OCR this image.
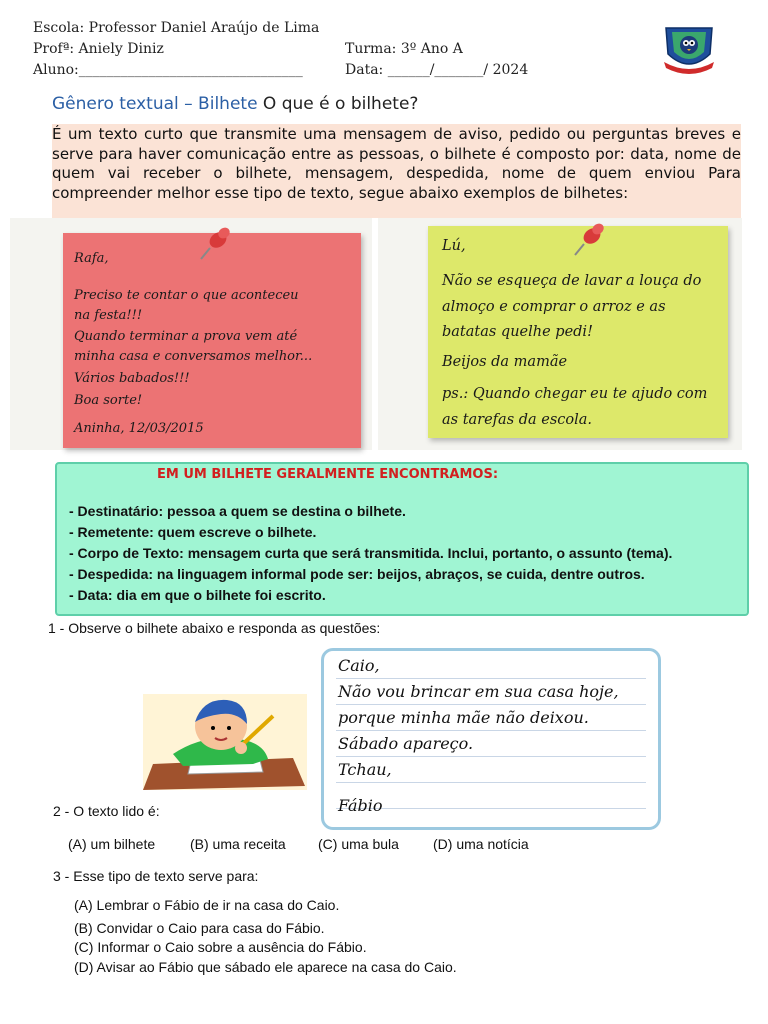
Escola: Professor Daniel Araújo de Lima
Profª: Aniely Diniz
Aluno:________________________________
Turma: 3º Ano A
Data: ______/_______/ 2024
Gênero textual – Bilhete O que é o bilhete?
É um texto curto que transmite uma mensagem de aviso, pedido ou perguntas breves e serve para haver comunicação entre as pessoas, o bilhete é composto por: data, nome de quem vai receber o bilhete, mensagem, despedida, nome de quem enviou Para compreender melhor esse tipo de texto, segue abaixo exemplos de bilhetes:
Rafa,
Preciso te contar o que aconteceu
na festa!!!
Quando terminar a prova vem até
minha casa e conversamos melhor...
Vários babados!!!
Boa sorte!
Aninha, 12/03/2015
Lú,
Não se esqueça de lavar a louça do
almoço e comprar o arroz e as
batatas quelhe pedi!
Beijos da mamãe
ps.: Quando chegar eu te ajudo com
as tarefas da escola.
EM UM BILHETE GERALMENTE ENCONTRAMOS:
- Destinatário: pessoa a quem se destina o bilhete.
- Remetente: quem escreve o bilhete.
- Corpo de Texto: mensagem curta que será transmitida. Inclui, portanto, o assunto (tema).
- Despedida: na linguagem informal pode ser: beijos, abraços, se cuida, dentre outros.
- Data: dia em que o bilhete foi escrito.
1 - Observe o bilhete abaixo e responda as questões:
Caio,
Não vou brincar em sua casa hoje,
porque minha mãe não deixou.
Sábado apareço.
Tchau,
Fábio
2 - O texto lido é:
(A) um bilhete (B) uma receita (C) uma bula (D) uma notícia
3 - Esse tipo de texto serve para:
(A) Lembrar o Fábio de ir na casa do Caio.
(B) Convidar o Caio para casa do Fábio.
(C) Informar o Caio sobre a ausência do Fábio.
(D) Avisar ao Fábio que sábado ele aparece na casa do Caio.
